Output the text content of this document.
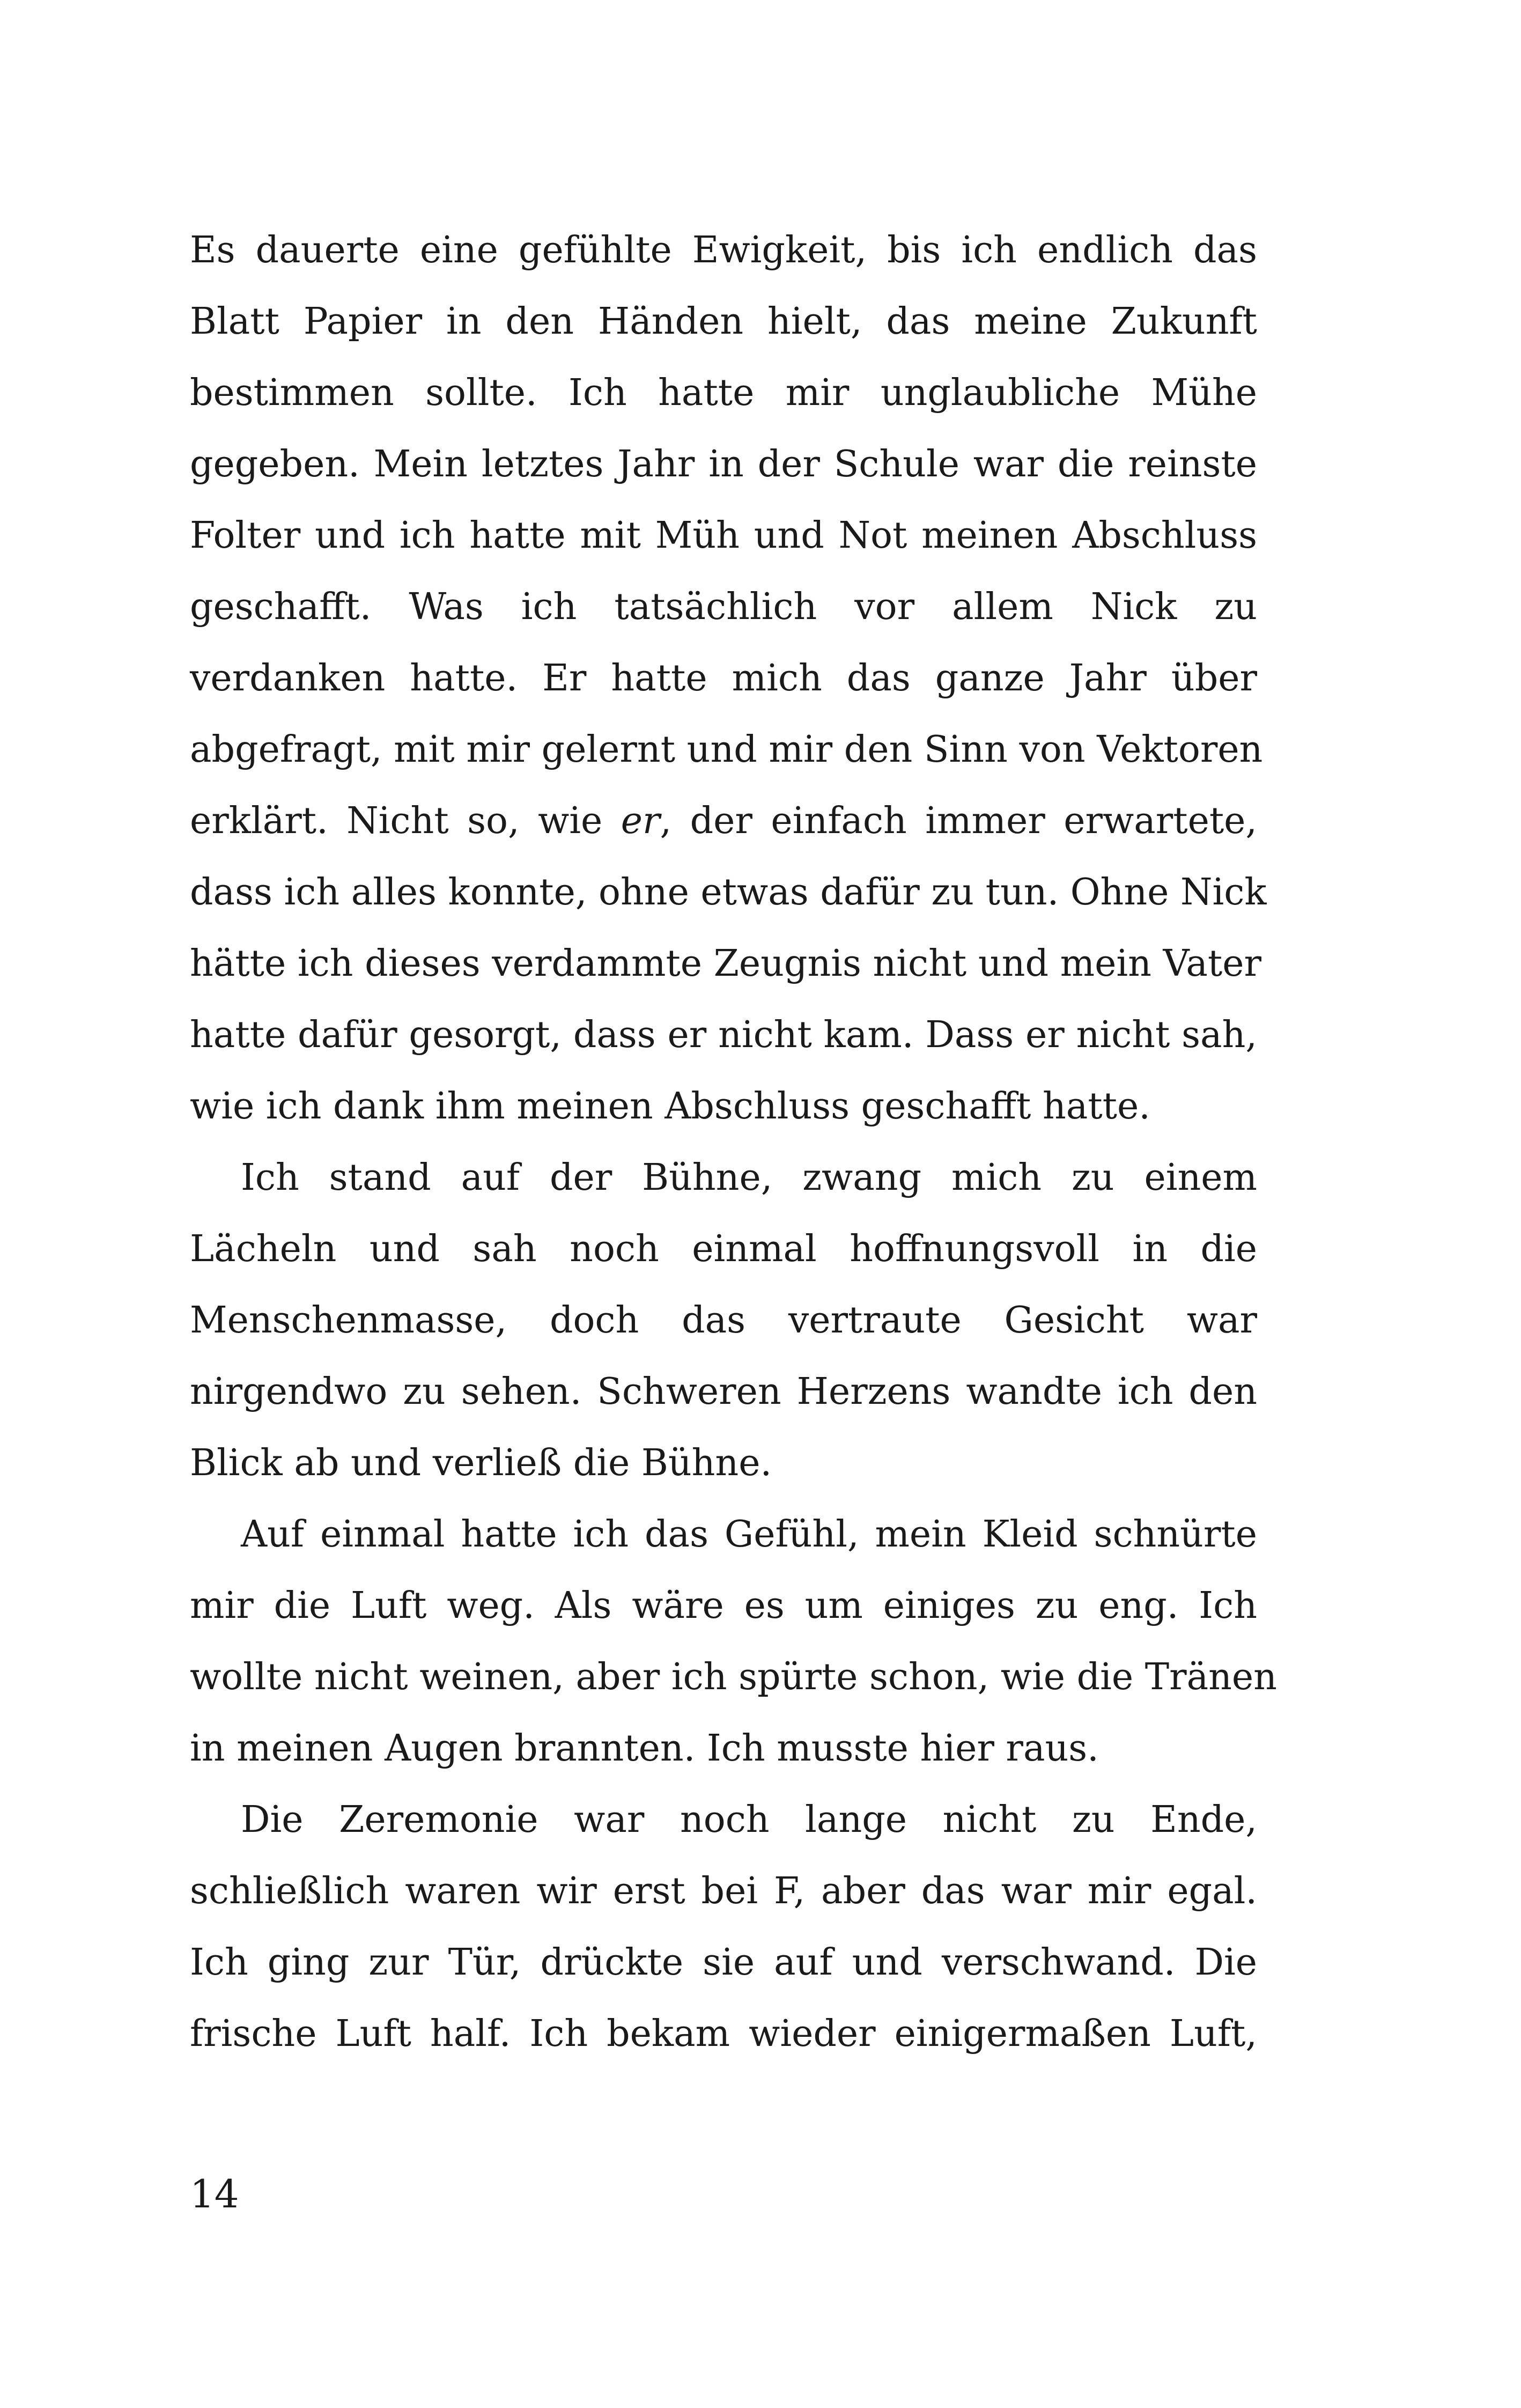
Es dauerte eine gefühlte Ewigkeit, bis ich endlich das
Blatt Papier in den Händen hielt, das meine Zukunft
bestimmen sollte. Ich hatte mir unglaubliche Mühe
gegeben. Mein letztes Jahr in der Schule war die reinste
Folter und ich hatte mit Müh und Not meinen Abschluss
geschafft. Was ich tatsächlich vor allem Nick zu
verdanken hatte. Er hatte mich das ganze Jahr über
abgefragt, mit mir gelernt und mir den Sinn von Vektoren
erklärt. Nicht so, wie er, der einfach immer erwartete,
dass ich alles konnte, ohne etwas dafür zu tun. Ohne Nick
hätte ich dieses verdammte Zeugnis nicht und mein Vater
hatte dafür gesorgt, dass er nicht kam. Dass er nicht sah,
wie ich dank ihm meinen Abschluss geschafft hatte.
Ich stand auf der Bühne, zwang mich zu einem
Lächeln und sah noch einmal hoffnungsvoll in die
Menschenmasse, doch das vertraute Gesicht war
nirgendwo zu sehen. Schweren Herzens wandte ich den
Blick ab und verließ die Bühne.
Auf einmal hatte ich das Gefühl, mein Kleid schnürte
mir die Luft weg. Als wäre es um einiges zu eng. Ich
wollte nicht weinen, aber ich spürte schon, wie die Tränen
in meinen Augen brannten. Ich musste hier raus.
Die Zeremonie war noch lange nicht zu Ende,
schließlich waren wir erst bei F, aber das war mir egal.
Ich ging zur Tür, drückte sie auf und verschwand. Die
frische Luft half. Ich bekam wieder einigermaßen Luft,
14
